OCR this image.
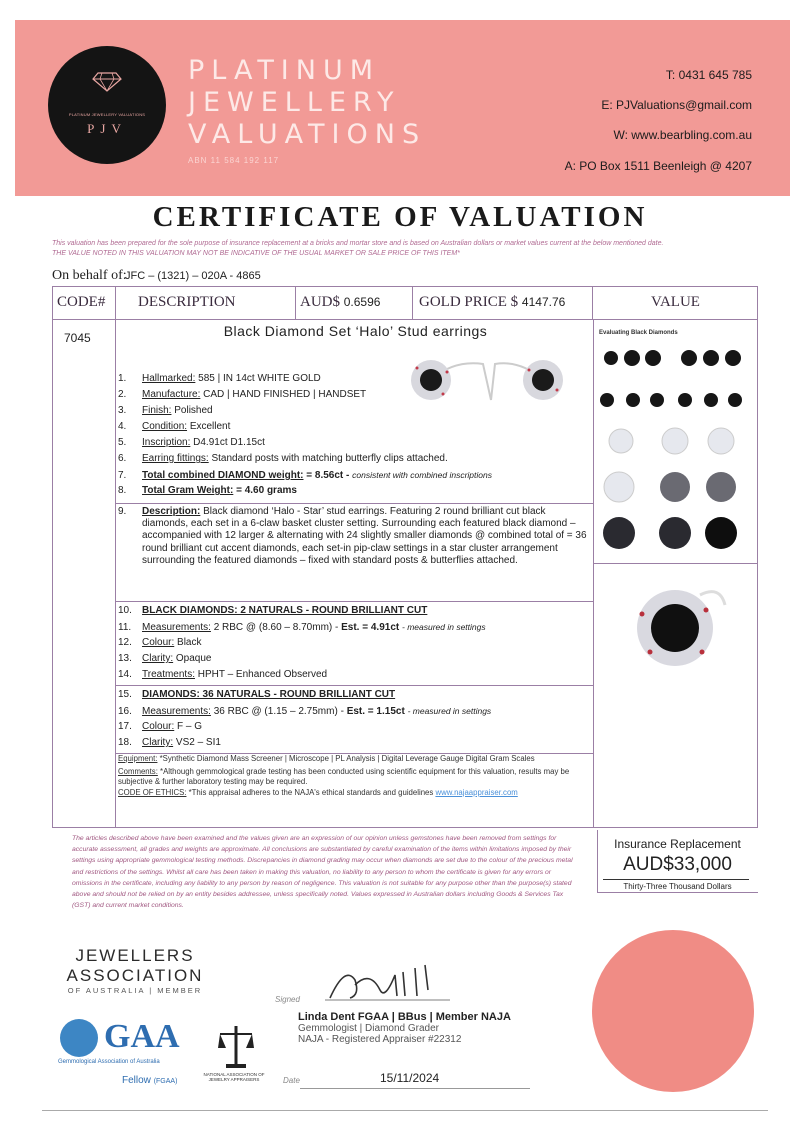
PLATINUM JEWELLERY VALUATIONS
PJV
PLATINUM
JEWELLERY
VALUATIONS
ABN 11 584 192 117
T: 0431 645 785
E: PJValuations@gmail.com
W: www.bearbling.com.au
A: PO Box 1511 Beenleigh @ 4207
CERTIFICATE OF VALUATION
This valuation has been prepared for the sole purpose of insurance replacement at a bricks and mortar store and is based on Australian dollars or market values current at the below mentioned date.
THE VALUE NOTED IN THIS VALUATION MAY NOT BE INDICATIVE OF THE USUAL MARKET OR SALE PRICE OF THIS ITEM*
On behalf of:
JFC – (1321) – 020A - 4865
CODE#	DESCRIPTION	AUD$ 0.6596	GOLD PRICE $ 4147.76	VALUE
7045	Black Diamond Set ‘Halo’ Stud earrings
1. Hallmarked: 585 | IN 14ct WHITE GOLD
2. Manufacture: CAD | HAND FINISHED | HANDSET
3. Finish: Polished
4. Condition: Excellent
5. Inscription: D4.91ct D1.15ct
6. Earring fittings: Standard posts with matching butterfly clips attached.
7. Total combined DIAMOND weight: = 8.56ct - consistent with combined inscriptions
8. Total Gram Weight: = 4.60 grams
9.	Description: Black diamond ‘Halo - Star’ stud earrings. Featuring 2 round brilliant cut black diamonds, each set in a 6-claw basket cluster setting. Surrounding each featured black diamond – accompanied with 12 larger & alternating with 24 slightly smaller diamonds @ combined total of = 36 round brilliant cut accent diamonds, each set-in pip-claw settings in a star cluster arrangement surrounding the featured diamonds – fixed with standard posts & butterflies attached.
10. BLACK DIAMONDS: 2 NATURALS - ROUND BRILLIANT CUT
11. Measurements: 2 RBC @ (8.60 – 8.70mm) - Est. = 4.91ct - measured in settings
12. Colour: Black
13. Clarity: Opaque
14. Treatments: HPHT – Enhanced Observed
15. DIAMONDS: 36 NATURALS - ROUND BRILLIANT CUT
16. Measurements: 36 RBC @ (1.15 – 2.75mm) - Est. = 1.15ct - measured in settings
17. Colour: F – G
18. Clarity: VS2 – SI1
Equipment: *Synthetic Diamond Mass Screener | Microscope | PL Analysis | Digital Leverage Gauge Digital Gram Scales
Comments: *Although gemmological grade testing has been conducted using scientific equipment for this valuation, results may be subjective & further laboratory testing may be required.
CODE OF ETHICS: *This appraisal adheres to the NAJA's ethical standards and guidelines www.najaappraiser.com
Evaluating Black Diamonds
The articles described above have been examined and the values given are an expression of our opinion unless gemstones have been removed from settings for accurate assessment, all grades and weights are approximate. All conclusions are substantiated by careful examination of the items within limitations imposed by their settings using appropriate gemmological testing methods. Discrepancies in diamond grading may occur when diamonds are set due to the colour of the precious metal and restrictions of the settings. Whilst all care has been taken in making this valuation, no liability to any person to whom the certificate is given for any errors or omissions in the certificate, including any liability to any person by reason of negligence. This valuation is not suitable for any purpose other than the purpose(s) stated above and should not be relied on by an entity besides addressee, unless specifically noted. Values expressed in Australian dollars including Goods & Services Tax (GST) and current market conditions.
Insurance Replacement
AUD$33,000
Thirty-Three Thousand Dollars
JEWELLERS
ASSOCIATION
OF AUSTRALIA | MEMBER
GAA
Gemmological Association of Australia
Fellow (FGAA)
NATIONAL ASSOCIATION OF JEWELRY APPRAISERS
Signed
Linda Dent FGAA | BBus | Member NAJA
Gemmologist | Diamond Grader
NAJA - Registered Appraiser #22312
Date	15/11/2024
